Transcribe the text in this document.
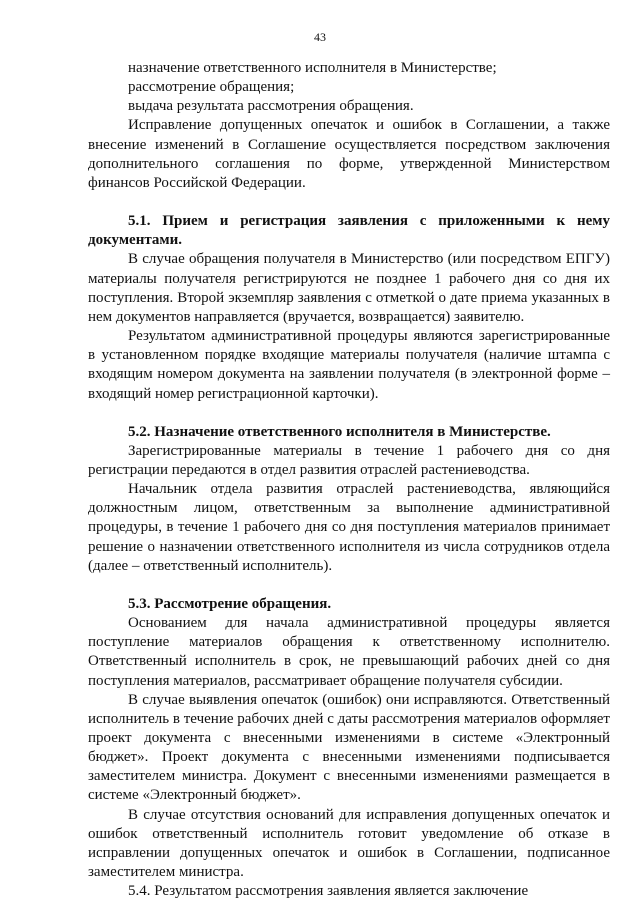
43

назначение ответственного исполнителя в Министерстве;

рассмотрение обращения;

выдача результата рассмотрения обращения.

Исправление допущенных опечаток и ошибок в Соглашении, а также внесение изменений в Соглашение осуществляется посредством заключения дополнительного соглашения по форме, утвержденной Министерством финансов Российской Федерации.

5.1. Прием и регистрация заявления с приложенными к нему документами.

В случае обращения получателя в Министерство (или посредством ЕПГУ) материалы получателя регистрируются не позднее 1 рабочего дня со дня их поступления. Второй экземпляр заявления с отметкой о дате приема указанных в нем документов направляется (вручается, возвращается) заявителю.

Результатом административной процедуры являются зарегистрированные в установленном порядке входящие материалы получателя (наличие штампа с входящим номером документа на заявлении получателя (в электронной форме – входящий номер регистрационной карточки).

5.2. Назначение ответственного исполнителя в Министерстве.

Зарегистрированные материалы в течение 1 рабочего дня со дня регистрации передаются в отдел развития отраслей растениеводства.

Начальник отдела развития отраслей растениеводства, являющийся должностным лицом, ответственным за выполнение административной процедуры, в течение 1 рабочего дня со дня поступления материалов принимает решение о назначении ответственного исполнителя из числа сотрудников отдела (далее – ответственный исполнитель).

5.3. Рассмотрение обращения.

Основанием для начала административной процедуры является поступление материалов обращения к ответственному исполнителю. Ответственный исполнитель в срок, не превышающий рабочих дней со дня поступления материалов, рассматривает обращение получателя субсидии.

В случае выявления опечаток (ошибок) они исправляются. Ответственный исполнитель в течение рабочих дней с даты рассмотрения материалов оформляет проект документа с внесенными изменениями в системе «Электронный бюджет». Проект документа с внесенными изменениями подписывается заместителем министра. Документ с внесенными изменениями размещается в системе «Электронный бюджет».

В случае отсутствия оснований для исправления допущенных опечаток и ошибок ответственный исполнитель готовит уведомление об отказе в исправлении допущенных опечаток и ошибок в Соглашении, подписанное заместителем министра.

5.4. Результатом рассмотрения заявления является заключение
